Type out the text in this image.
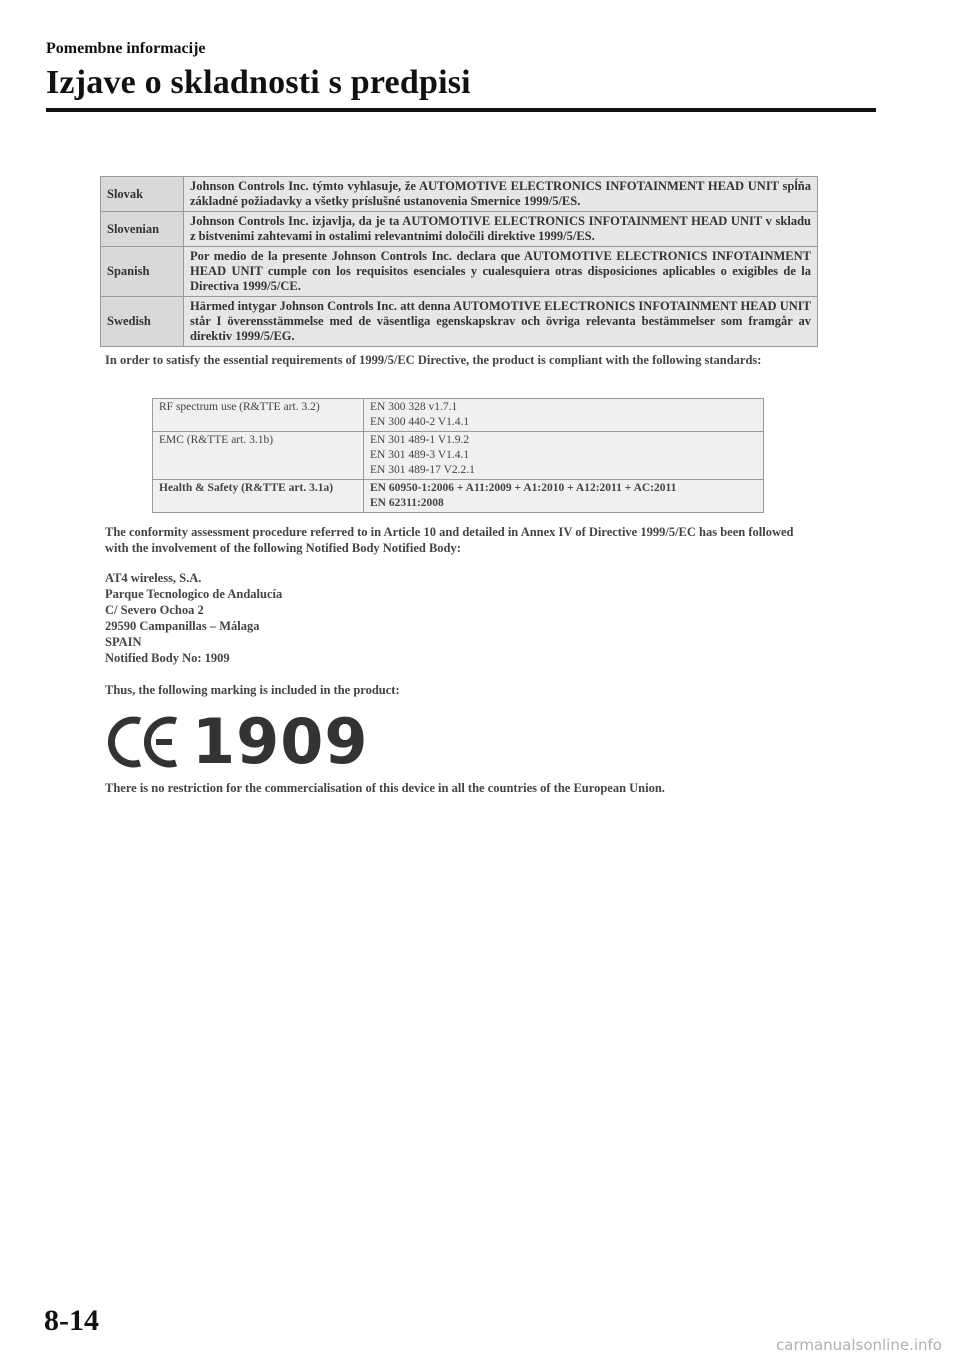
Pomembne informacije
Izjave o skladnosti s predpisi
Slovak	Johnson Controls Inc. týmto vyhlasuje, že AUTOMOTIVE ELECTRONICS INFOTAINMENT HEAD UNIT spĺňa základné požiadavky a všetky príslušné ustanovenia Smernice 1999/5/ES.
Slovenian	Johnson Controls Inc. izjavlja, da je ta AUTOMOTIVE ELECTRONICS INFOTAINMENT HEAD UNIT v skladu z bistvenimi zahtevami in ostalimi relevantnimi določili direktive 1999/5/ES.
Spanish	Por medio de la presente Johnson Controls Inc. declara que AUTOMOTIVE ELECTRONICS INFOTAINMENT HEAD UNIT cumple con los requisitos esenciales y cualesquiera otras disposiciones aplicables o exigibles de la Directiva 1999/5/CE.
Swedish	Härmed intygar Johnson Controls Inc. att denna AUTOMOTIVE ELECTRONICS INFOTAINMENT HEAD UNIT står I överensstämmelse med de väsentliga egenskapskrav och övriga relevanta bestämmelser som framgår av direktiv 1999/5/EG.
In order to satisfy the essential requirements of 1999/5/EC Directive, the product is compliant with the following standards:
RF spectrum use (R&TTE art. 3.2)	EN 300 328 v1.7.1
EN 300 440-2 V1.4.1

EMC (R&TTE art. 3.1b)	EN 301 489-1 V1.9.2
EN 301 489-3 V1.4.1
EN 301 489-17 V2.2.1

Health & Safety (R&TTE art. 3.1a)	EN 60950-1:2006 + A11:2009 + A1:2010 + A12:2011 + AC:2011
EN 62311:2008
The conformity assessment procedure referred to in Article 10 and detailed in Annex IV of Directive 1999/5/EC has been followed with the involvement of the following Notified Body Notified Body:
AT4 wireless, S.A.
Parque Tecnologico de Andalucía
C/ Severo Ochoa 2
29590 Campanillas – Málaga
SPAIN
Notified Body No: 1909
Thus, the following marking is included in the product:
1909
There is no restriction for the commercialisation of this device in all the countries of the European Union.
8-14
carmanualsonline.info
